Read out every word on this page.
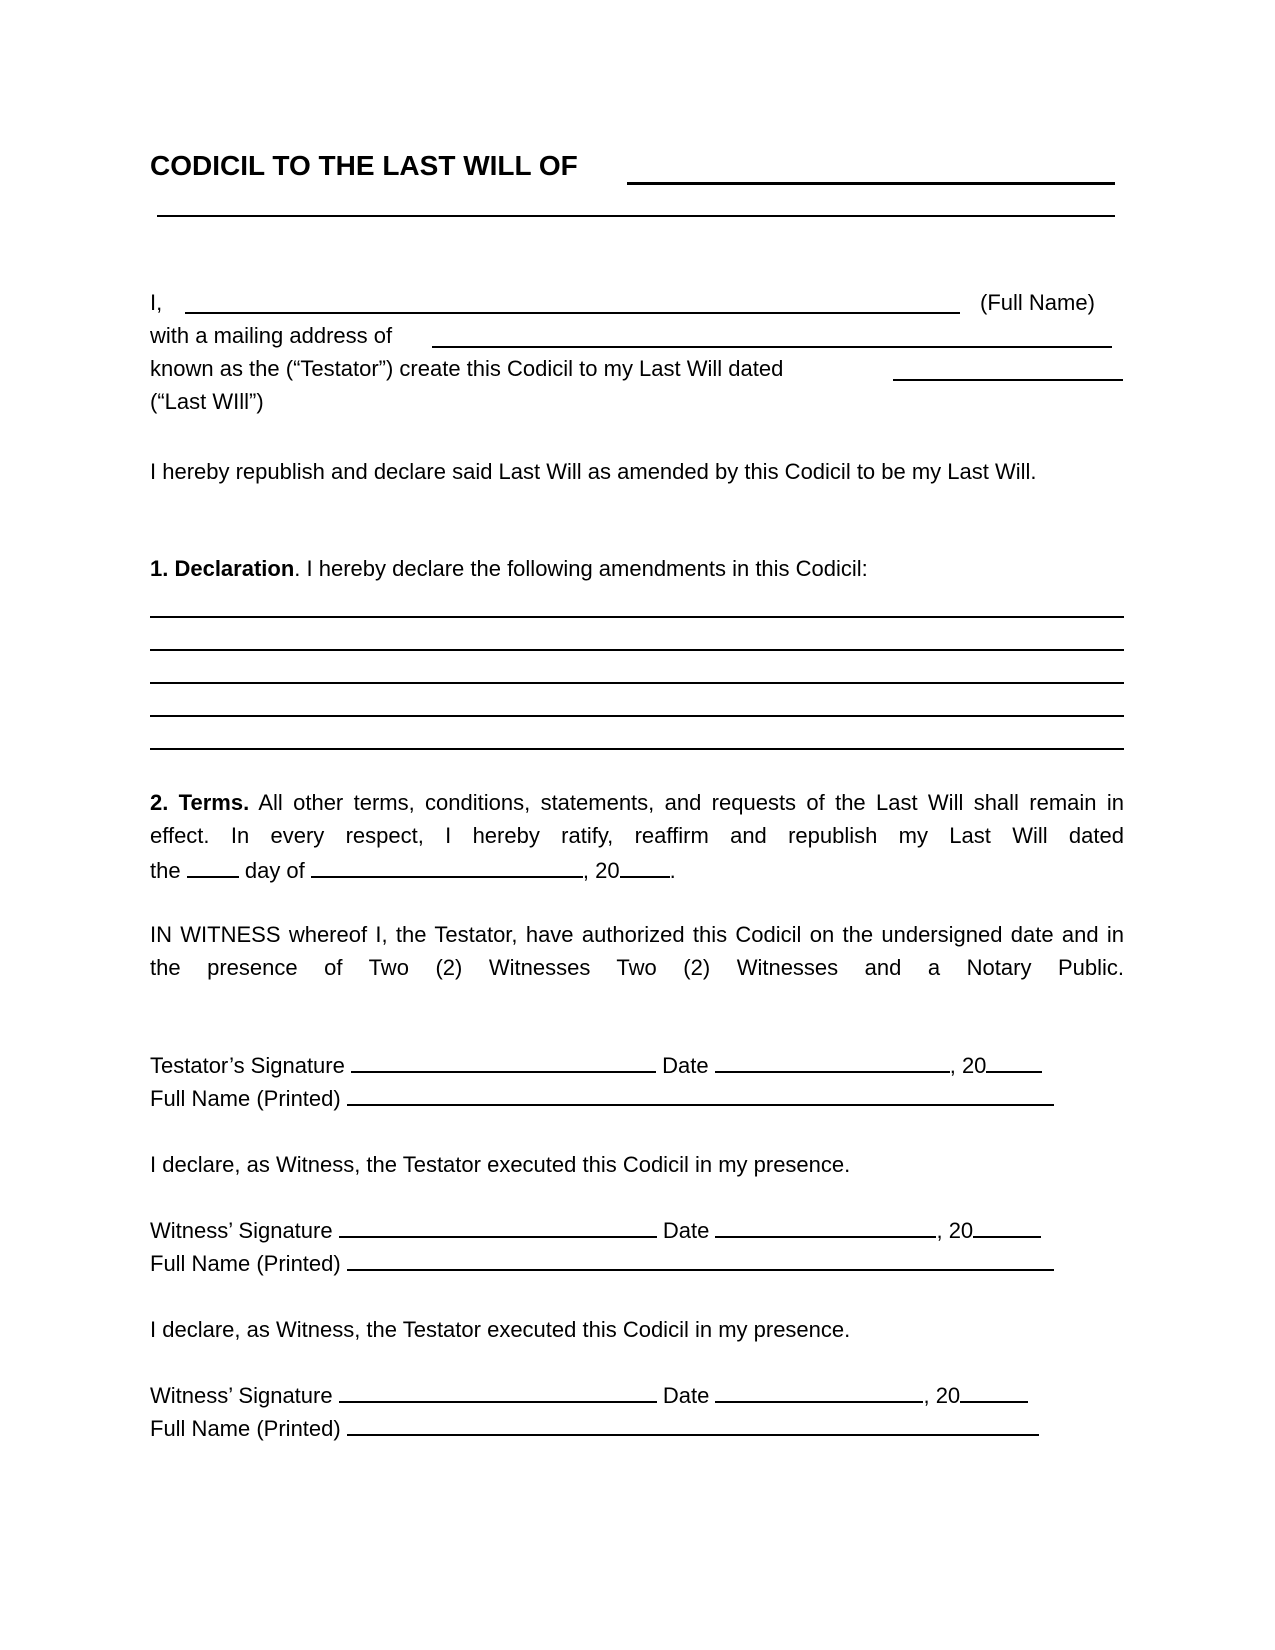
CODICIL TO THE LAST WILL OF
I,	(Full Name)
with a mailing address of
known as the (“Testator”) create this Codicil to my Last Will dated
(“Last WIll”)
I hereby republish and declare said Last Will as amended by this Codicil to be my Last Will.
1. Declaration. I hereby declare the following amendments in this Codicil:
2. Terms. All other terms, conditions, statements, and requests of the Last Will shall remain in effect. In every respect, I hereby ratify, reaffirm and republish my Last Will dated
the	day of	, 20 .
IN WITNESS whereof I, the Testator, have authorized this Codicil on the undersigned date and in the presence of Two (2) Witnesses Two (2) Witnesses and a Notary Public.
Testator’s Signature	Date	, 20
Full Name (Printed)
I declare, as Witness, the Testator executed this Codicil in my presence.
Witness’ Signature	Date	, 20
Full Name (Printed)
I declare, as Witness, the Testator executed this Codicil in my presence.
Witness’ Signature	Date	, 20
Full Name (Printed)
